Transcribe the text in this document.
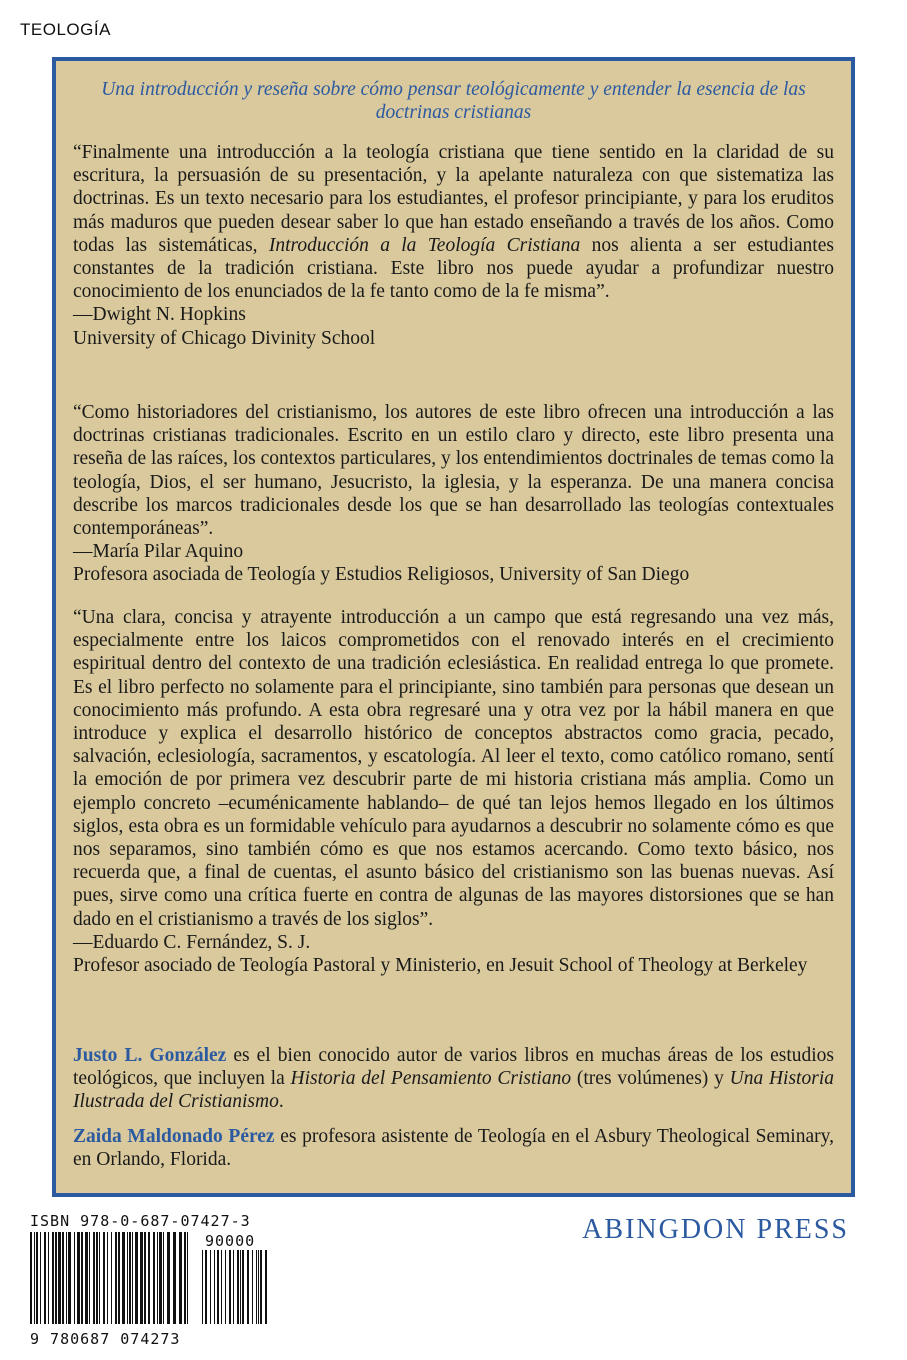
TEOLOGÍA
Una introducción y reseña sobre cómo pensar teológicamente y entender la esencia de las doctrinas cristianas

“Finalmente una introducción a la teología cristiana que tiene sentido en la claridad de su escritura, la persuasión de su presentación, y la apelante naturaleza con que sistematiza las doctrinas. Es un texto necesario para los estudiantes, el profesor principiante, y para los eruditos más maduros que pueden desear saber lo que han estado enseñando a través de los años. Como todas las sistemáticas, Introducción a la Teología Cristiana nos alienta a ser estudiantes constantes de la tradición cristiana. Este libro nos puede ayudar a profundizar nuestro conocimiento de los enunciados de la fe tanto como de la fe misma”.

—Dwight N. Hopkins
University of Chicago Divinity School

“Como historiadores del cristianismo, los autores de este libro ofrecen una introducción a las doctrinas cristianas tradicionales. Escrito en un estilo claro y directo, este libro presenta una reseña de las raíces, los contextos particulares, y los entendimientos doctrinales de temas como la teología, Dios, el ser humano, Jesucristo, la iglesia, y la esperanza. De una manera concisa describe los marcos tradicionales desde los que se han desarrollado las teologías contextuales contemporáneas”.

—María Pilar Aquino
Profesora asociada de Teología y Estudios Religiosos, University of San Diego

“Una clara, concisa y atrayente introducción a un campo que está regresando una vez más, especialmente entre los laicos comprometidos con el renovado interés en el crecimiento espiritual dentro del contexto de una tradición eclesiástica. En realidad entrega lo que promete. Es el libro perfecto no solamente para el principiante, sino también para personas que desean un conocimiento más profundo. A esta obra regresaré una y otra vez por la hábil manera en que introduce y explica el desarrollo histórico de conceptos abstractos como gracia, pecado, salvación, eclesiología, sacramentos, y escatología. Al leer el texto, como católico romano, sentí la emoción de por primera vez descubrir parte de mi historia cristiana más amplia. Como un ejemplo concreto –ecuménicamente hablando– de qué tan lejos hemos llegado en los últimos siglos, esta obra es un formidable vehículo para ayudarnos a descubrir no solamente cómo es que nos separamos, sino también cómo es que nos estamos acercando. Como texto básico, nos recuerda que, a final de cuentas, el asunto básico del cristianismo son las buenas nuevas. Así pues, sirve como una crítica fuerte en contra de algunas de las mayores distorsiones que se han dado en el cristianismo a través de los siglos”.

—Eduardo C. Fernández, S. J.
Profesor asociado de Teología Pastoral y Ministerio, en Jesuit School of Theology at Berkeley
Justo L. González es el bien conocido autor de varios libros en muchas áreas de los estudios teológicos, que incluyen la Historia del Pensamiento Cristiano (tres volúmenes) y Una Historia Ilustrada del Cristianismo.
Zaida Maldonado Pérez es profesora asistente de Teología en el Asbury Theological Seminary, en Orlando, Florida.
ISBN 978-0-687-07427-3
90000
9 780687 074273
ABINGDON PRESS
